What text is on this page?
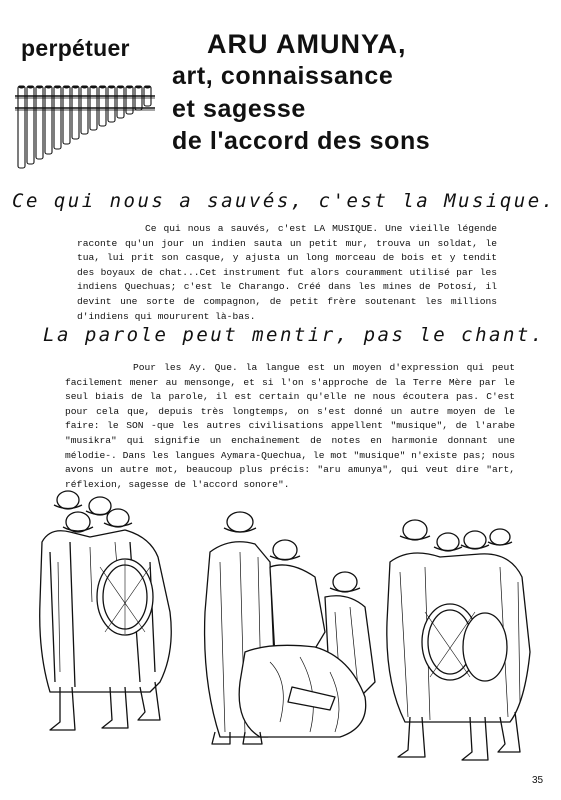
perpétuer	ARU AMUNYA,
art, connaissance
et sagesse
de l'accord des sons
Ce qui nous a sauvés, c'est la Musique.

Ce qui nous a sauvés, c'est LA MUSIQUE. Une vieille légende raconte qu'un jour un indien sauta un petit mur, trouva un soldat, le tua, lui prit son casque, y ajusta un long morceau de bois et y tendit des boyaux de chat...Cet instrument fut alors couramment utilisé par les indiens Quechuas; c'est le Charango. Créé dans les mines de Potosí, il devint une sorte de compagnon, de petit frère soutenant les millions d'indiens qui moururent là-bas.

La parole peut mentir, pas le chant.

Pour les Ay. Que. la langue est un moyen d'expression qui peut facilement mener au mensonge, et si l'on s'approche de la Terre Mère par le seul biais de la parole, il est certain qu'elle ne nous écoutera pas. C'est pour cela que, depuis très longtemps, on s'est donné un autre moyen de le faire: le SON -que les autres civilisations appellent "musique", de l'arabe "musikra" qui signifie un enchaînement de notes en harmonie donnant une mélodie-. Dans les langues Aymara-Quechua, le mot "musique" n'existe pas; nous avons un autre mot, beaucoup plus précis: "aru amunya", qui veut dire "art, réflexion, sagesse de l'accord sonore".

35
